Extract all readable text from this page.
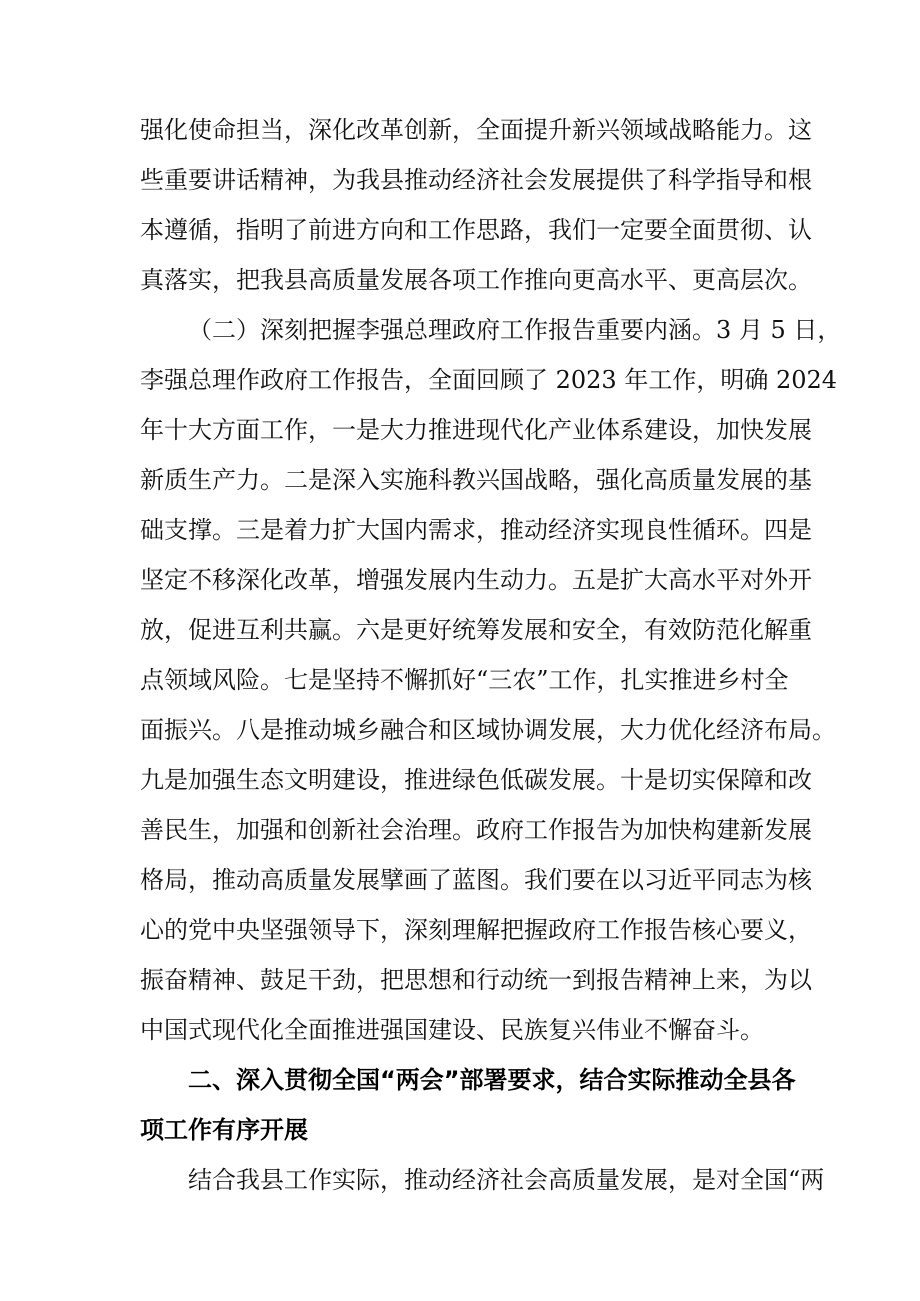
强化使命担当，深化改革创新，全面提升新兴领域战略能力。这
些重要讲话精神，为我县推动经济社会发展提供了科学指导和根
本遵循，指明了前进方向和工作思路，我们一定要全面贯彻、认
真落实，把我县高质量发展各项工作推向更高水平、更高层次。
（二）深刻把握李强总理政府工作报告重要内涵。3 月 5 日，
李强总理作政府工作报告，全面回顾了 2023 年工作，明确 2024
年十大方面工作，一是大力推进现代化产业体系建设，加快发展
新质生产力。二是深入实施科教兴国战略，强化高质量发展的基
础支撑。三是着力扩大国内需求，推动经济实现良性循环。四是
坚定不移深化改革，增强发展内生动力。五是扩大高水平对外开
放，促进互利共赢。六是更好统筹发展和安全，有效防范化解重
点领域风险。七是坚持不懈抓好“三农”工作，扎实推进乡村全
面振兴。八是推动城乡融合和区域协调发展，大力优化经济布局。
九是加强生态文明建设，推进绿色低碳发展。十是切实保障和改
善民生，加强和创新社会治理。政府工作报告为加快构建新发展
格局，推动高质量发展擘画了蓝图。我们要在以习近平同志为核
心的党中央坚强领导下，深刻理解把握政府工作报告核心要义，
振奋精神、鼓足干劲，把思想和行动统一到报告精神上来，为以
中国式现代化全面推进强国建设、民族复兴伟业不懈奋斗。
二、深入贯彻全国“两会”部署要求，结合实际推动全县各
项工作有序开展
结合我县工作实际，推动经济社会高质量发展，是对全国“两
